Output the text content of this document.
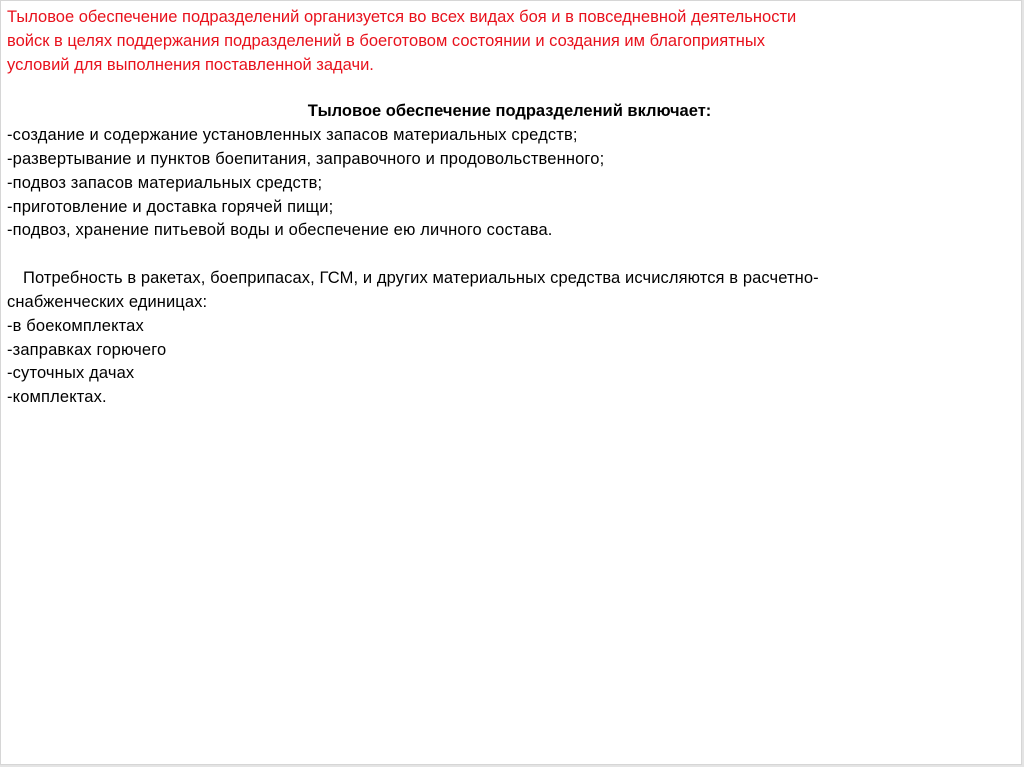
Тыловое обеспечение подразделений организуется во всех видах боя и в повседневной деятельности
войск в целях поддержания подразделений в боеготовом состоянии и создания им благоприятных
условий для выполнения поставленной задачи.
Тыловое обеспечение подразделений включает:
-создание и содержание установленных запасов материальных средств;
-развертывание и пунктов боепитания, заправочного и продовольственного;
-подвоз запасов материальных средств;
-приготовление и доставка горячей пищи;
-подвоз, хранение питьевой воды и обеспечение ею личного состава.
Потребность в ракетах, боеприпасах, ГСМ, и других материальных средства исчисляются в расчетно-
снабженческих единицах:
-в боекомплектах
-заправках горючего
-суточных дачах
-комплектах.
